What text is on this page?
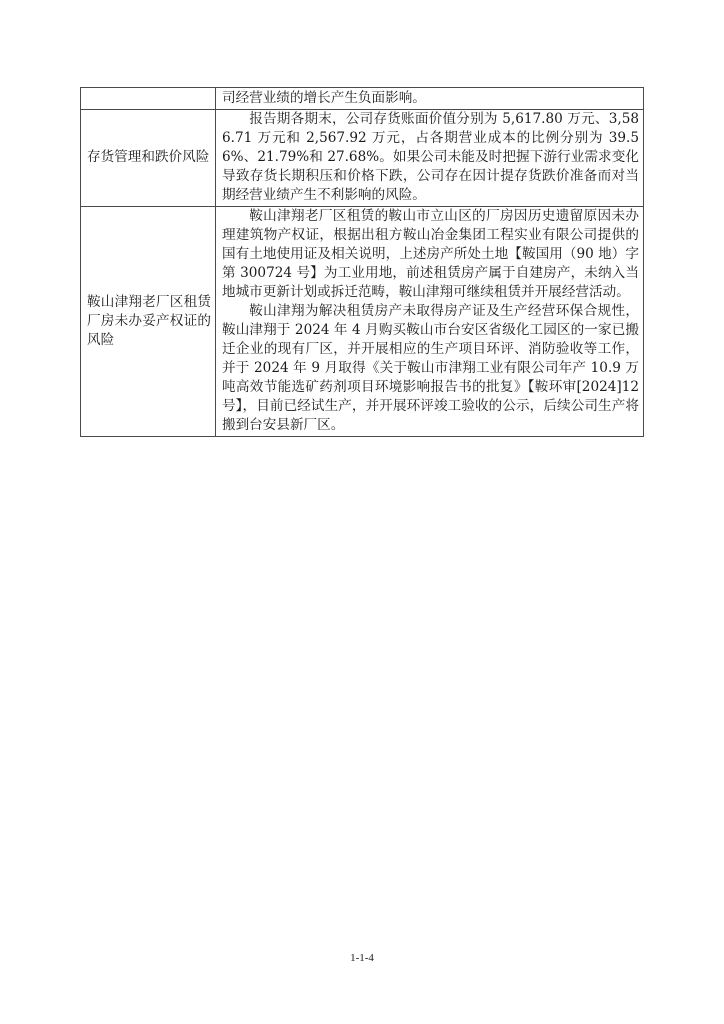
	司经营业绩的增长产生负面影响。

存货管理和跌价风险	报告期各期末，公司存货账面价值分别为 5,617.80 万元、3,586.71 万元和 2,567.92 万元，占各期营业成本的比例分别为 39.56%、21.79%和 27.68%。如果公司未能及时把握下游行业需求变化导致存货长期积压和价格下跌，公司存在因计提存货跌价准备而对当期经营业绩产生不利影响的风险。

鞍山津翔老厂区租赁厂房未办妥产权证的风险	鞍山津翔老厂区租赁的鞍山市立山区的厂房因历史遗留原因未办理建筑物产权证，根据出租方鞍山冶金集团工程实业有限公司提供的国有土地使用证及相关说明，上述房产所处土地【鞍国用（90 地）字第 300724 号】为工业用地，前述租赁房产属于自建房产，未纳入当地城市更新计划或拆迁范畴，鞍山津翔可继续租赁并开展经营活动。

鞍山津翔为解决租赁房产未取得房产证及生产经营环保合规性，鞍山津翔于 2024 年 4 月购买鞍山市台安区省级化工园区的一家已搬迁企业的现有厂区，并开展相应的生产项目环评、消防验收等工作，并于 2024 年 9 月取得《关于鞍山市津翔工业有限公司年产 10.9 万吨高效节能选矿药剂项目环境影响报告书的批复》【鞍环审[2024]12 号】，目前已经试生产，并开展环评竣工验收的公示，后续公司生产将搬到台安县新厂区。

1-1-4
